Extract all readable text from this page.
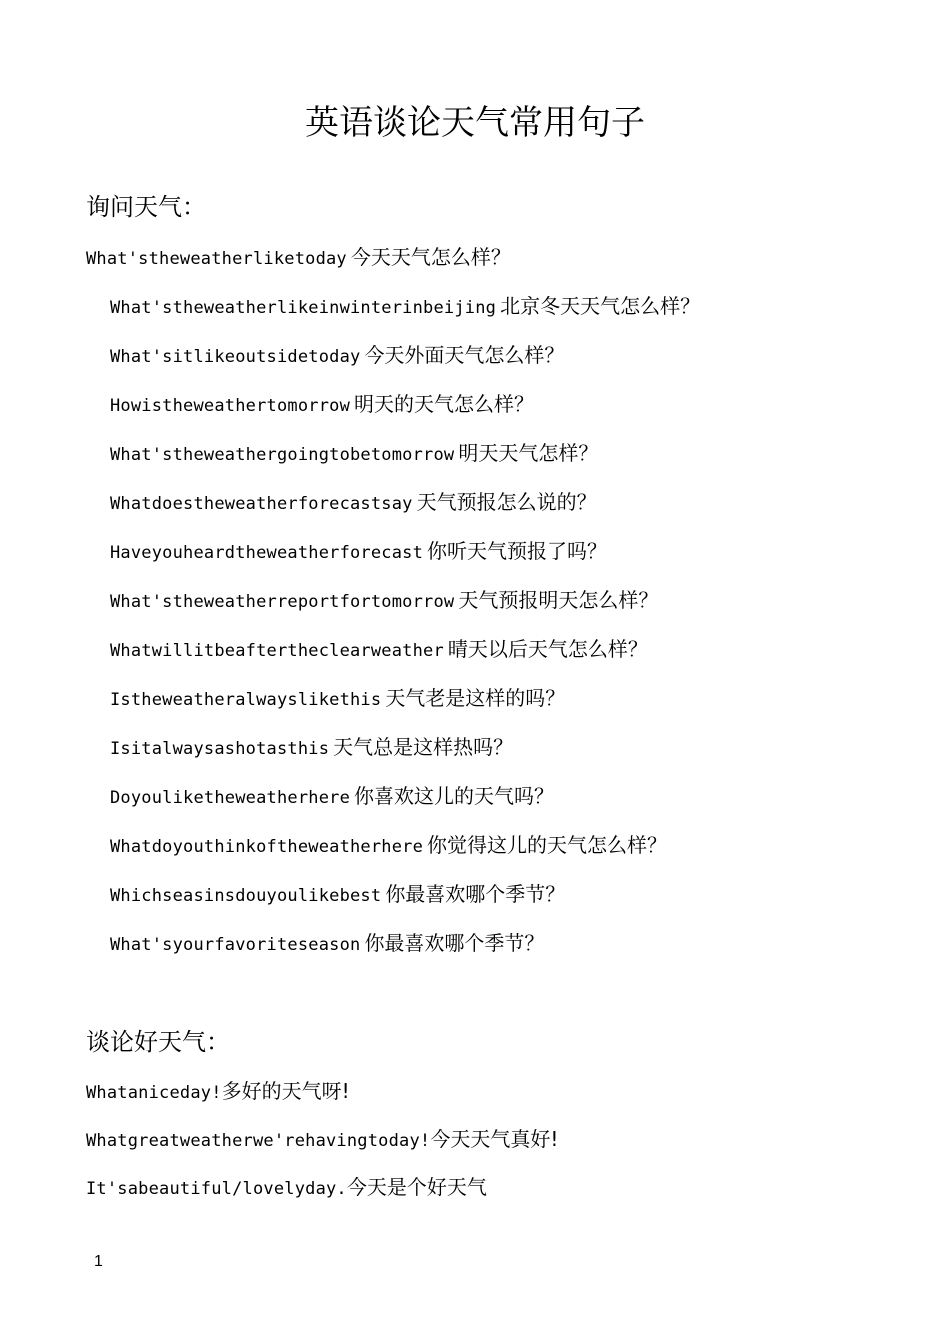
英语谈论天气常用句子
询问天气：
What'stheweatherliketoday 今天天气怎么样？
What'stheweatherlikeinwinterinbeijing 北京冬天天气怎么样？
What'sitlikeoutsidetoday 今天外面天气怎么样？
Howistheweathertomorrow 明天的天气怎么样？
What'stheweathergoingtobetomorrow 明天天气怎样？
Whatdoestheweatherforecastsay 天气预报怎么说的？
Haveyouheardtheweatherforecast 你听天气预报了吗？
What'stheweatherreportfortomorrow 天气预报明天怎么样？
Whatwillitbeaftertheclearweather 晴天以后天气怎么样？
Istheweatheralwayslikethis 天气老是这样的吗？
Isitalwaysashotasthis 天气总是这样热吗？
Doyouliketheweatherhere 你喜欢这儿的天气吗？
Whatdoyouthinkoftheweatherhere 你觉得这儿的天气怎么样？
Whichseasinsdouyoulikebest 你最喜欢哪个季节？
What'syourfavoriteseason 你最喜欢哪个季节？
谈论好天气：
Whataniceday!多好的天气呀!
Whatgreatweatherwe'rehavingtoday!今天天气真好!
It'sabeautiful/lovelyday.今天是个好天气
1
